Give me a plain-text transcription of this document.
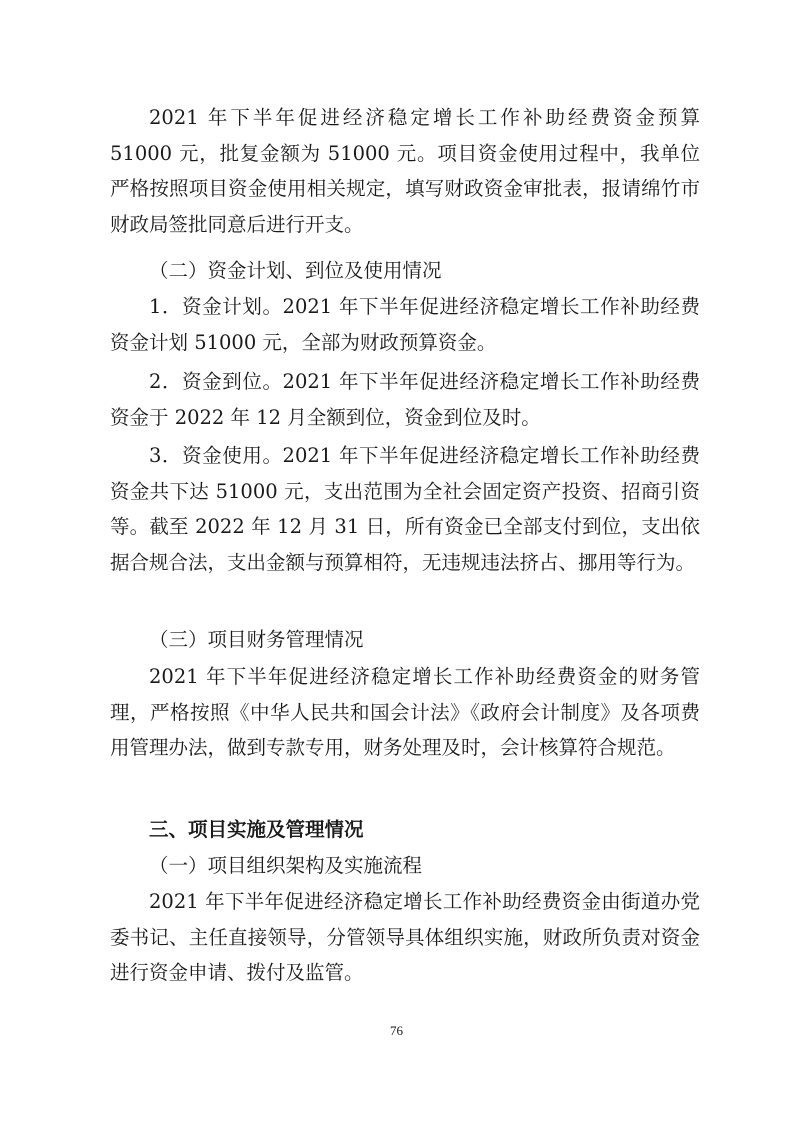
2021 年下半年促进经济稳定增长工作补助经费资金预算 51000 元，批复金额为 51000 元。项目资金使用过程中，我单位严格按照项目资金使用相关规定，填写财政资金审批表，报请绵竹市财政局签批同意后进行开支。

（二）资金计划、到位及使用情况

1．资金计划。2021 年下半年促进经济稳定增长工作补助经费资金计划 51000 元，全部为财政预算资金。

2．资金到位。2021 年下半年促进经济稳定增长工作补助经费资金于 2022 年 12 月全额到位，资金到位及时。

3．资金使用。2021 年下半年促进经济稳定增长工作补助经费资金共下达 51000 元，支出范围为全社会固定资产投资、招商引资等。截至 2022 年 12 月 31 日，所有资金已全部支付到位，支出依据合规合法，支出金额与预算相符，无违规违法挤占、挪用等行为。

（三）项目财务管理情况

2021 年下半年促进经济稳定增长工作补助经费资金的财务管理，严格按照《中华人民共和国会计法》《政府会计制度》及各项费用管理办法，做到专款专用，财务处理及时，会计核算符合规范。

三、项目实施及管理情况

（一）项目组织架构及实施流程

2021 年下半年促进经济稳定增长工作补助经费资金由街道办党委书记、主任直接领导，分管领导具体组织实施，财政所负责对资金进行资金申请、拨付及监管。

76
